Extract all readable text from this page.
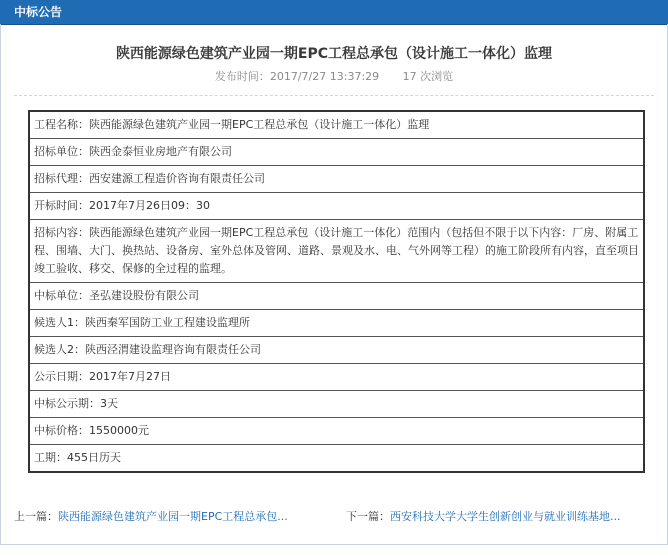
中标公告
陕西能源绿色建筑产业园一期EPC工程总承包（设计施工一体化）监理
发布时间：2017/7/27 13:37:29 17 次浏览
工程名称：陕西能源绿色建筑产业园一期EPC工程总承包（设计施工一体化）监理
招标单位：陕西金泰恒业房地产有限公司
招标代理：西安建源工程造价咨询有限责任公司
开标时间：2017年7月26日09：30
招标内容：陕西能源绿色建筑产业园一期EPC工程总承包（设计施工一体化）范围内（包括但不限于以下内容：厂房、附属工程、围墙、大门、换热站、设备房、室外总体及管网、道路、景观及水、电、气外网等工程）的施工阶段所有内容，直至项目竣工验收、移交、保修的全过程的监理。
中标单位：圣弘建设股份有限公司
候选人1：陕西秦军国防工业工程建设监理所
候选人2：陕西泾渭建设监理咨询有限责任公司
公示日期：2017年7月27日
中标公示期：3天
中标价格：1550000元
工期：455日历天
上一篇：陕西能源绿色建筑产业园一期EPC工程总承包...	下一篇：西安科技大学大学生创新创业与就业训练基地...
